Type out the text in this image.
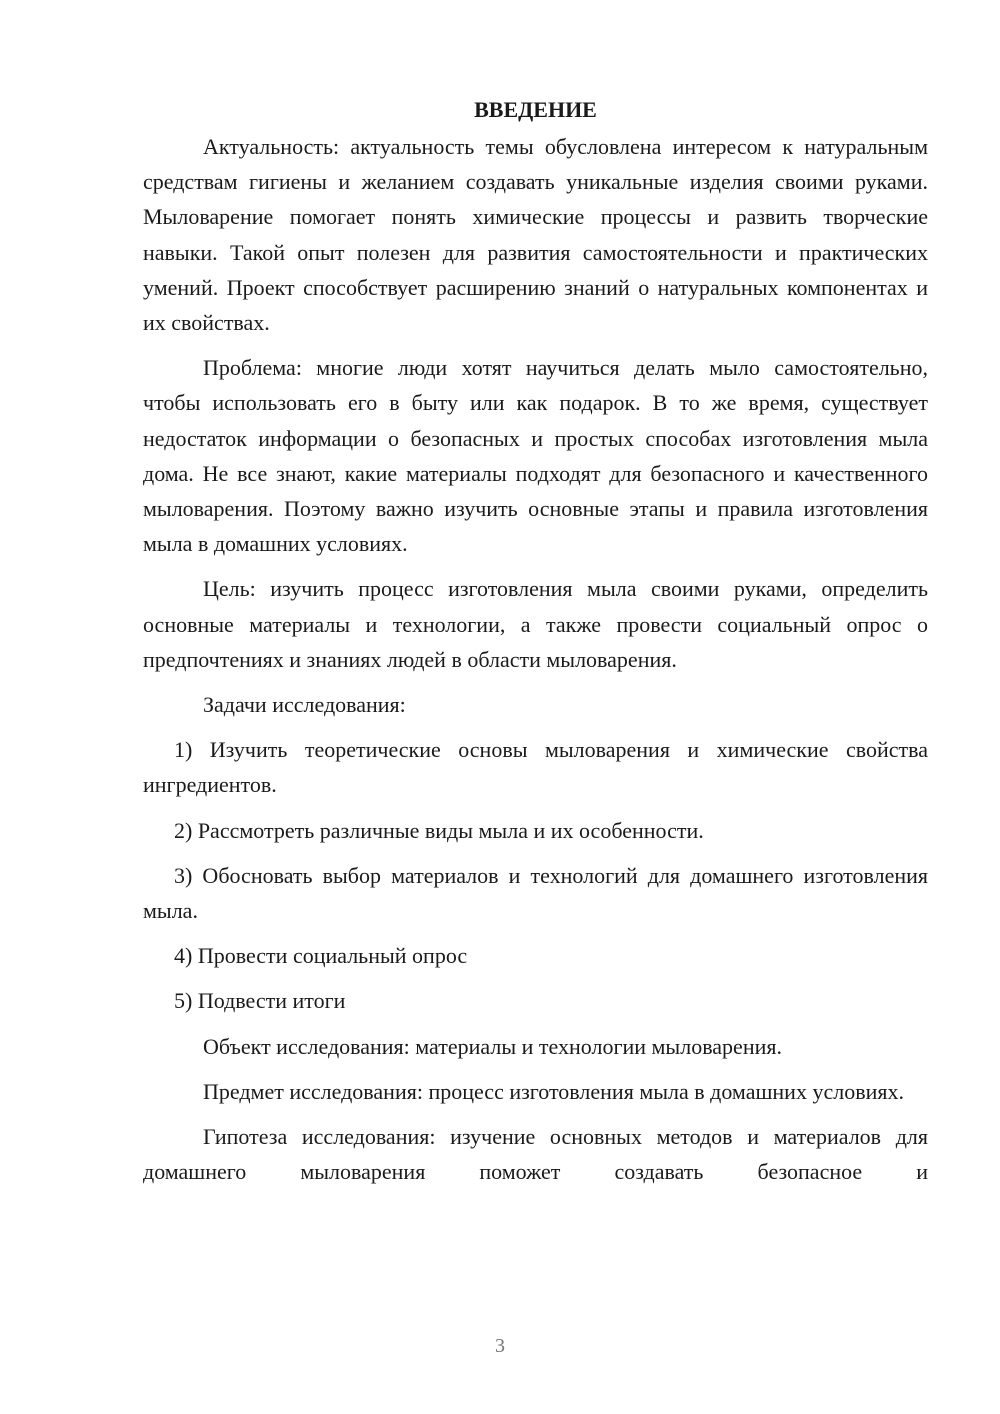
ВВЕДЕНИЕ

Актуальность: актуальность темы обусловлена интересом к натуральным средствам гигиены и желанием создавать уникальные изделия своими руками. Мыловарение помогает понять химические процессы и развить творческие навыки. Такой опыт полезен для развития самостоятельности и практических умений. Проект способствует расширению знаний о натуральных компонентах и их свойствах.

Проблема: многие люди хотят научиться делать мыло самостоятельно, чтобы использовать его в быту или как подарок. В то же время, существует недостаток информации о безопасных и простых способах изготовления мыла дома. Не все знают, какие материалы подходят для безопасного и качественного мыловарения. Поэтому важно изучить основные этапы и правила изготовления мыла в домашних условиях.

Цель: изучить процесс изготовления мыла своими руками, определить основные материалы и технологии, а также провести социальный опрос о предпочтениях и знаниях людей в области мыловарения.

Задачи исследования:

1) Изучить теоретические основы мыловарения и химические свойства ингредиентов.

2) Рассмотреть различные виды мыла и их особенности.

3) Обосновать выбор материалов и технологий для домашнего изготовления мыла.

4) Провести социальный опрос

5) Подвести итоги

Объект исследования: материалы и технологии мыловарения.

Предмет исследования: процесс изготовления мыла в домашних условиях.

Гипотеза исследования: изучение основных методов и материалов для домашнего мыловарения поможет создавать безопасное и

3
